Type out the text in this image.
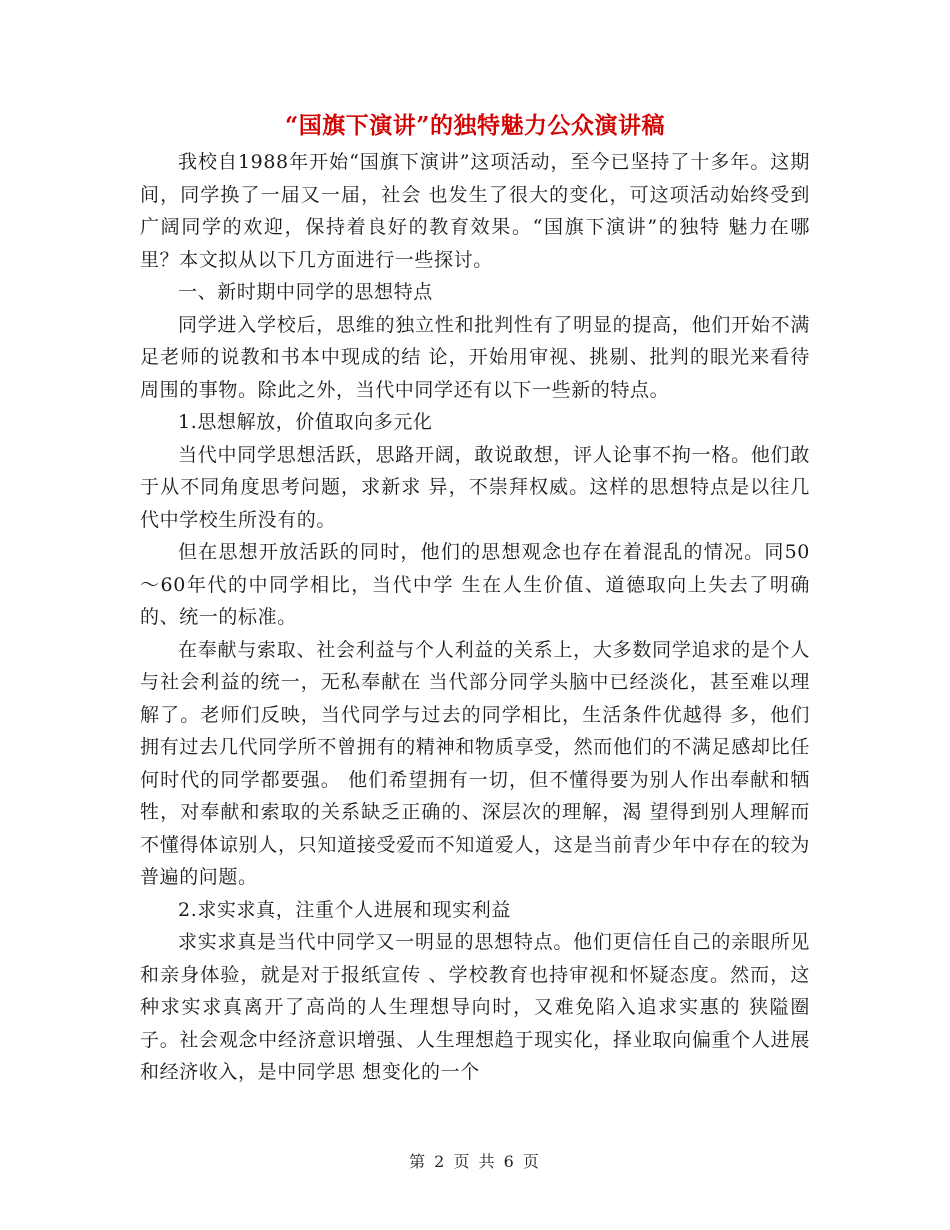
“国旗下演讲”的独特魅力公众演讲稿

我校自1988年开始“国旗下演讲”这项活动，至今已坚持了十多年。这期间，同学换了一届又一届，社会 也发生了很大的变化，可这项活动始终受到广阔同学的欢迎，保持着良好的教育效果。“国旗下演讲”的独特 魅力在哪里？本文拟从以下几方面进行一些探讨。

一、新时期中同学的思想特点

同学进入学校后，思维的独立性和批判性有了明显的提高，他们开始不满足老师的说教和书本中现成的结 论，开始用审视、挑剔、批判的眼光来看待周围的事物。除此之外，当代中同学还有以下一些新的特点。

1.思想解放，价值取向多元化

当代中同学思想活跃，思路开阔，敢说敢想，评人论事不拘一格。他们敢于从不同角度思考问题，求新求 异，不崇拜权威。这样的思想特点是以往几代中学校生所没有的。

但在思想开放活跃的同时，他们的思想观念也存在着混乱的情况。同50～60年代的中同学相比，当代中学 生在人生价值、道德取向上失去了明确的、统一的标准。

在奉献与索取、社会利益与个人利益的关系上，大多数同学追求的是个人与社会利益的统一，无私奉献在 当代部分同学头脑中已经淡化，甚至难以理解了。老师们反映，当代同学与过去的同学相比，生活条件优越得 多，他们拥有过去几代同学所不曾拥有的精神和物质享受，然而他们的不满足感却比任何时代的同学都要强。 他们希望拥有一切，但不懂得要为别人作出奉献和牺牲，对奉献和索取的关系缺乏正确的、深层次的理解，渴 望得到别人理解而不懂得体谅别人，只知道接受爱而不知道爱人，这是当前青少年中存在的较为普遍的问题。

2.求实求真，注重个人进展和现实利益

求实求真是当代中同学又一明显的思想特点。他们更信任自己的亲眼所见和亲身体验，就是对于报纸宣传 、学校教育也持审视和怀疑态度。然而，这种求实求真离开了高尚的人生理想导向时，又难免陷入追求实惠的 狭隘圈子。社会观念中经济意识增强、人生理想趋于现实化，择业取向偏重个人进展和经济收入，是中同学思 想变化的一个

第 2 页 共 6 页
